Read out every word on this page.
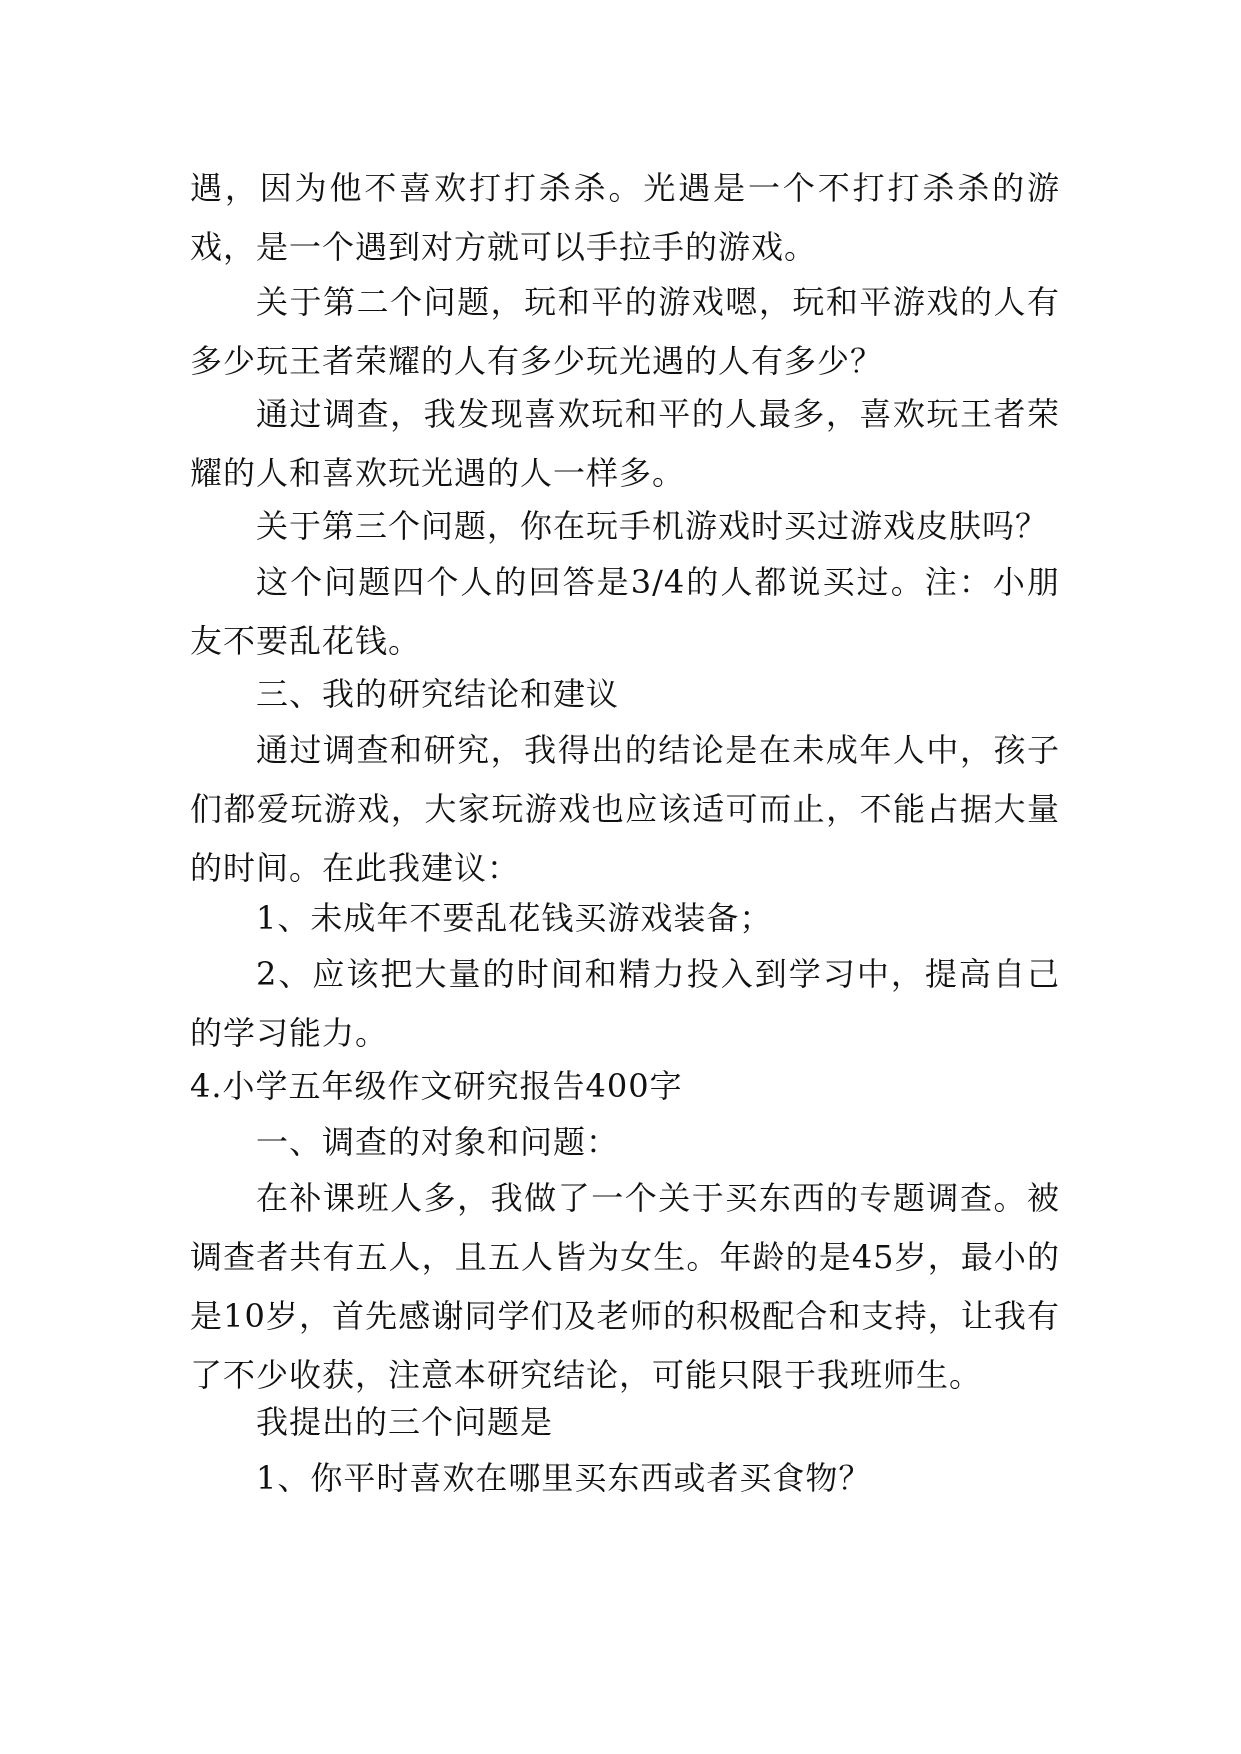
遇，因为他不喜欢打打杀杀。光遇是一个不打打杀杀的游戏，是一个遇到对方就可以手拉手的游戏。

关于第二个问题，玩和平的游戏嗯，玩和平游戏的人有多少玩王者荣耀的人有多少玩光遇的人有多少？

通过调查，我发现喜欢玩和平的人最多，喜欢玩王者荣耀的人和喜欢玩光遇的人一样多。

关于第三个问题，你在玩手机游戏时买过游戏皮肤吗？

这个问题四个人的回答是3/4的人都说买过。注：小朋友不要乱花钱。

三、我的研究结论和建议

通过调查和研究，我得出的结论是在未成年人中，孩子们都爱玩游戏，大家玩游戏也应该适可而止，不能占据大量的时间。在此我建议：

1、未成年不要乱花钱买游戏装备；

2、应该把大量的时间和精力投入到学习中，提高自己的学习能力。

4.小学五年级作文研究报告400字

一、调查的对象和问题：

在补课班人多，我做了一个关于买东西的专题调查。被调查者共有五人，且五人皆为女生。年龄的是45岁，最小的是10岁，首先感谢同学们及老师的积极配合和支持，让我有了不少收获，注意本研究结论，可能只限于我班师生。

我提出的三个问题是

1、你平时喜欢在哪里买东西或者买食物？
